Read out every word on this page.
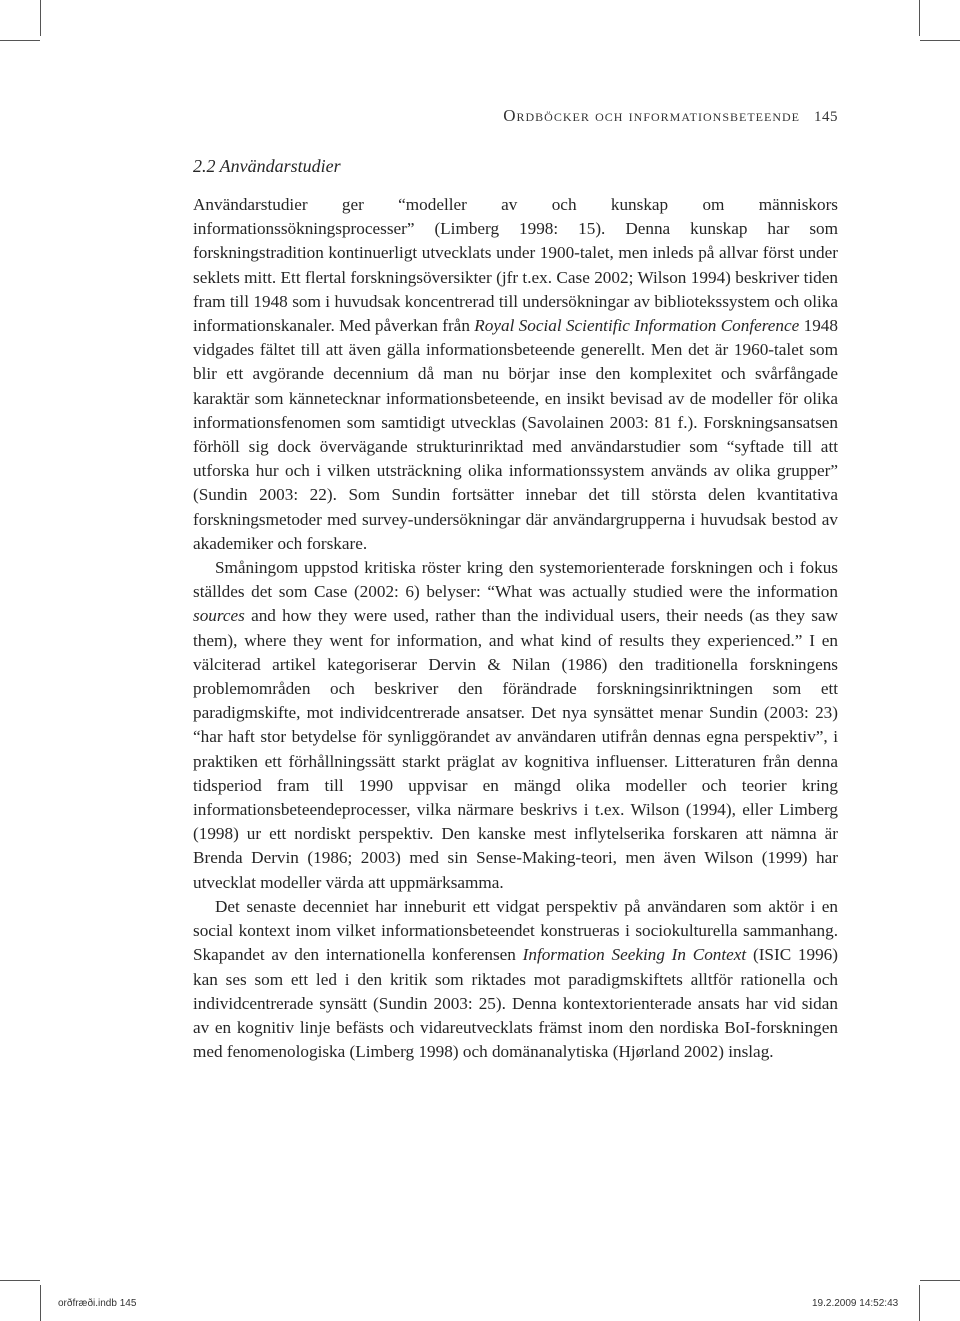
Ordböcker och informationsbeteende 145
2.2 Användarstudier

Användarstudier ger “modeller av och kunskap om människors informationssökningsprocesser” (Limberg 1998: 15). Denna kunskap har som forskningstradition kontinuerligt utvecklats under 1900-talet, men inleds på allvar först under seklets mitt. Ett flertal forskningsöversikter (jfr t.ex. Case 2002; Wilson 1994) beskriver tiden fram till 1948 som i huvudsak koncentrerad till undersökningar av bibliotekssystem och olika informationskanaler. Med påverkan från Royal Social Scientific Information Conference 1948 vidgades fältet till att även gälla informationsbeteende generellt. Men det är 1960-talet som blir ett avgörande decennium då man nu börjar inse den komplexitet och svårfångade karaktär som kännetecknar informationsbeteende, en insikt bevisad av de modeller för olika informationsfenomen som samtidigt utvecklas (Savolainen 2003: 81 f.). Forskningsansatsen förhöll sig dock övervägande strukturinriktad med användarstudier som “syftade till att utforska hur och i vilken utsträckning olika informationssystem används av olika grupper” (Sundin 2003: 22). Som Sundin fortsätter innebar det till största delen kvantitativa forskningsmetoder med survey-undersökningar där användargrupperna i huvudsak bestod av akademiker och forskare.

Småningom uppstod kritiska röster kring den systemorienterade forskningen och i fokus ställdes det som Case (2002: 6) belyser: “What was actually studied were the information sources and how they were used, rather than the individual users, their needs (as they saw them), where they went for information, and what kind of results they experienced.” I en välciterad artikel kategoriserar Dervin & Nilan (1986) den traditionella forskningens problemområden och beskriver den förändrade forskningsinriktningen som ett paradigmskifte, mot individcentrerade ansatser. Det nya synsättet menar Sundin (2003: 23) “har haft stor betydelse för synliggörandet av användaren utifrån dennas egna perspektiv”, i praktiken ett förhållningssätt starkt präglat av kognitiva influenser. Litteraturen från denna tidsperiod fram till 1990 uppvisar en mängd olika modeller och teorier kring informationsbeteendeprocesser, vilka närmare beskrivs i t.ex. Wilson (1994), eller Limberg (1998) ur ett nordiskt perspektiv. Den kanske mest inflytelserika forskaren att nämna är Brenda Dervin (1986; 2003) med sin Sense-Making-teori, men även Wilson (1999) har utvecklat modeller värda att uppmärksamma.

Det senaste decenniet har inneburit ett vidgat perspektiv på användaren som aktör i en social kontext inom vilket informationsbeteendet konstrueras i sociokulturella sammanhang. Skapandet av den internationella konferensen Information Seeking In Context (ISIC 1996) kan ses som ett led i den kritik som riktades mot paradigmskiftets alltför rationella och individcentrerade synsätt (Sundin 2003: 25). Denna kontextorienterade ansats har vid sidan av en kognitiv linje befästs och vidareutvecklats främst inom den nordiska BoI-forskningen med fenomenologiska (Limberg 1998) och domänanalytiska (Hjørland 2002) inslag.

orðfræði.indb 145	19.2.2009 14:52:43
